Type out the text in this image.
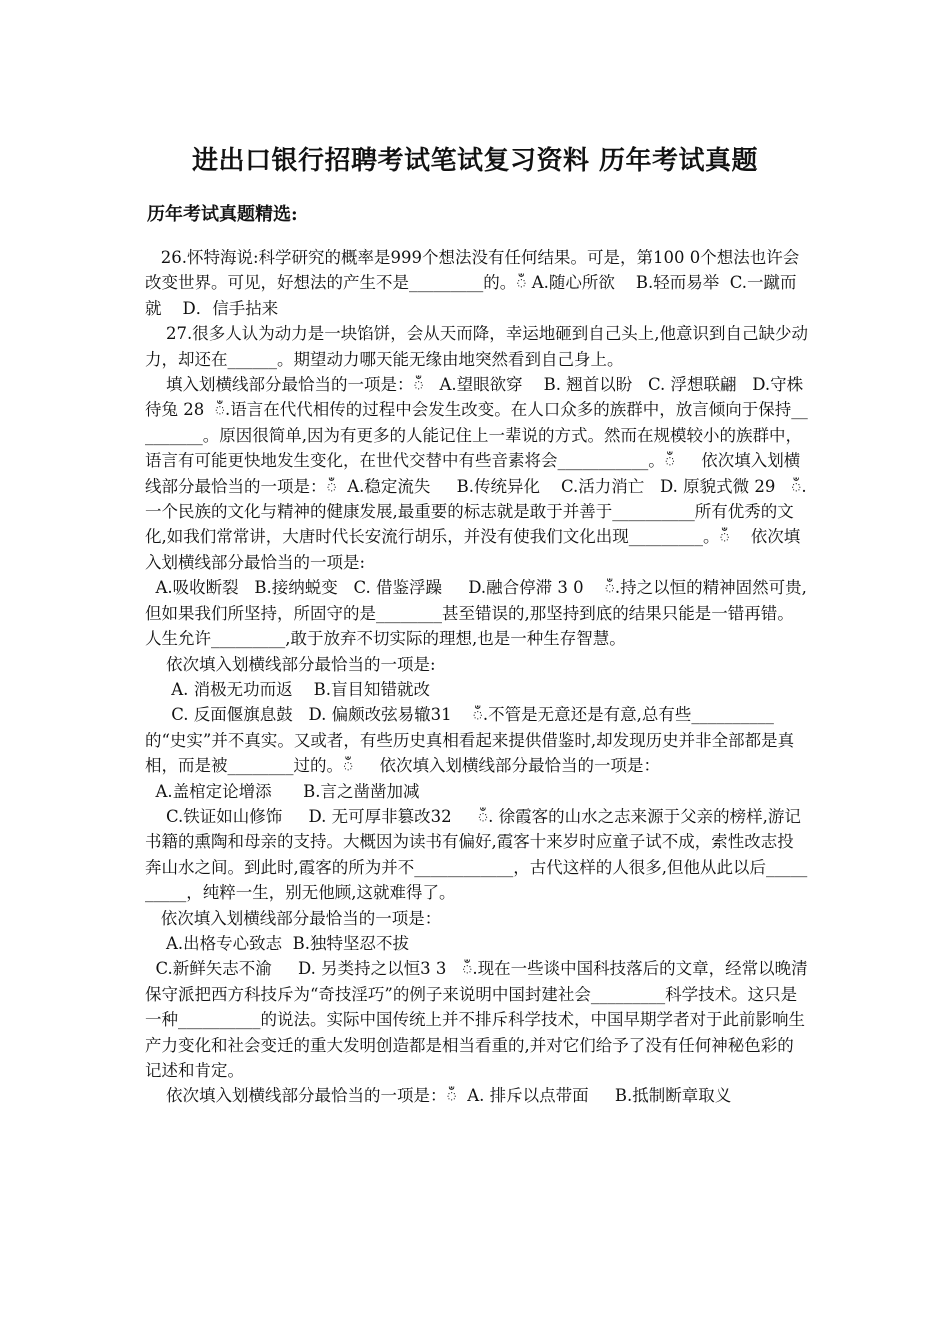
进出口银行招聘考试笔试复习资料 历年考试真题
历年考试真题精选:

26.怀特海说:科学研究的概率是999个想法没有任何结果。可是，第100 0个想法也许会改变世界。可见，好想法的产生不是_________的。ඁ A.随心所欲    B.轻而易举  C.一蹴而就    D．信手拈来

27.很多人认为动力是一块馅饼，会从天而降，幸运地砸到自己头上,他意识到自己缺少动力，却还在______。期望动力哪天能无缘由地突然看到自己身上。

填入划横线部分最恰当的一项是：ඁ   A.望眼欲穿    B. 翘首以盼   C. 浮想联翩   D.守株待兔 28  ඁ.语言在代代相传的过程中会发生改变。在人口众多的族群中，放言倾向于保持_________。原因很简单,因为有更多的人能记住上一辈说的方式。然而在规模较小的族群中，语言有可能更快地发生变化，在世代交替中有些音素将会___________。ඁ     依次填入划横线部分最恰当的一项是：ඁ  A.稳定流失     B.传统异化    C.活力消亡   D. 原貌式微 29   ඁ.一个民族的文化与精神的健康发展,最重要的标志就是敢于并善于__________所有优秀的文化,如我们常常讲，大唐时代长安流行胡乐，并没有使我们文化出现_________。ඁ    依次填入划横线部分最恰当的一项是:

A.吸收断裂   B.接纳蜕变   C. 借鉴浮躁     D.融合停滞 3 0    ඁ.持之以恒的精神固然可贵,但如果我们所坚持，所固守的是________甚至错误的,那坚持到底的结果只能是一错再错。人生允许_________,敢于放弃不切实际的理想,也是一种生存智慧。

依次填入划横线部分最恰当的一项是:

A. 消极无功而返    B.盲目知错就改

C. 反面偃旗息鼓   D. 偏颇改弦易辙31    ඁ.不管是无意还是有意,总有些__________的“史实”并不真实。又或者，有些历史真相看起来提供借鉴时,却发现历史并非全部都是真相，而是被________过的。ඁ     依次填入划横线部分最恰当的一项是：

A.盖棺定论增添      B.言之凿凿加减

C.铁证如山修饰     D. 无可厚非篡改32     ඁ. 徐霞客的山水之志来源于父亲的榜样,游记书籍的熏陶和母亲的支持。大概因为读书有偏好,霞客十来岁时应童子试不成，索性改志投奔山水之间。到此时,霞客的所为并不____________，古代这样的人很多,但他从此以后__________，纯粹一生，别无他顾,这就难得了。

依次填入划横线部分最恰当的一项是：

A.出格专心致志  B.独特坚忍不拔

C.新鲜矢志不渝     D. 另类持之以恒3 3   ඁ.现在一些谈中国科技落后的文章，经常以晚清保守派把西方科技斥为“奇技淫巧”的例子来说明中国封建社会_________科学技术。这只是一种__________的说法。实际中国传统上并不排斥科学技术，中国早期学者对于此前影响生产力变化和社会变迁的重大发明创造都是相当看重的,并对它们给予了没有任何神秘色彩的记述和肯定。

依次填入划横线部分最恰当的一项是：ඁ  A. 排斥以点带面     B.抵制断章取义
